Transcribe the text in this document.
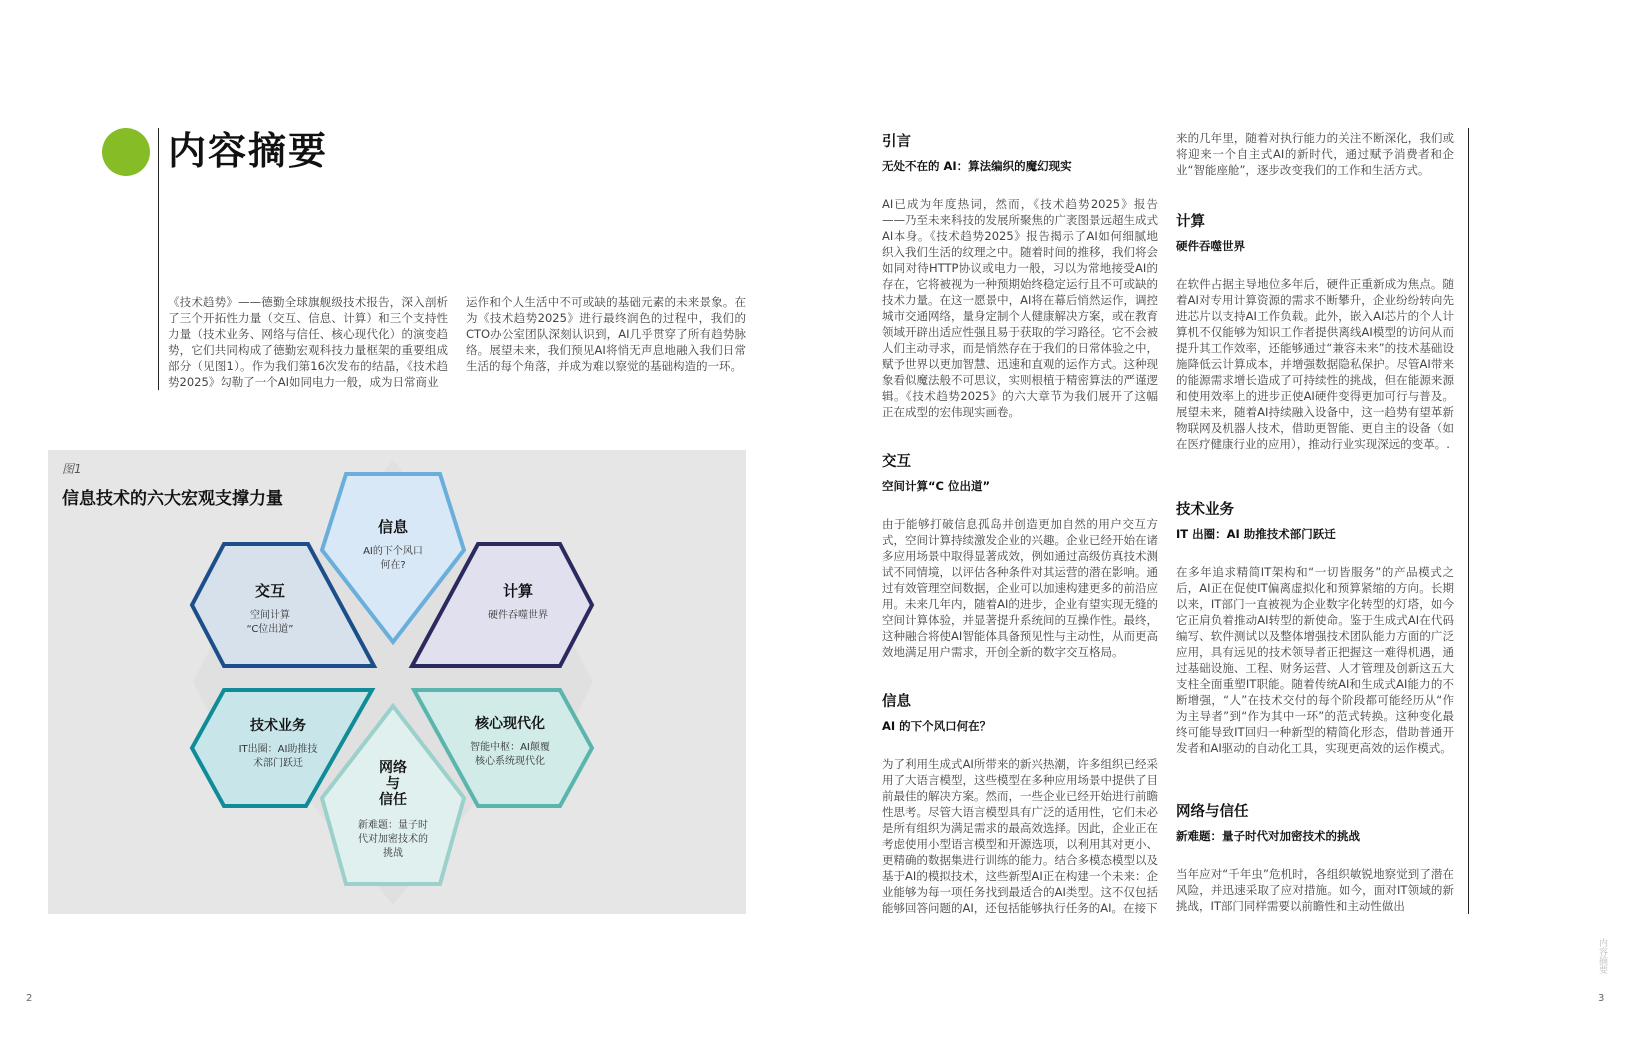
内容摘要
《技术趋势》——德勤全球旗舰级技术报告，深入剖析了三个开拓性力量（交互、信息、计算）和三个支持性力量（技术业务、网络与信任、核心现代化）的演变趋势，它们共同构成了德勤宏观科技力量框架的重要组成部分（见图1）。作为我们第16次发布的结晶，《技术趋势2025》勾勒了一个AI如同电力一般，成为日常商业
运作和个人生活中不可或缺的基础元素的未来景象。在为《技术趋势2025》进行最终润色的过程中，我们的CTO办公室团队深刻认识到，AI几乎贯穿了所有趋势脉络。展望未来，我们预见AI将悄无声息地融入我们日常生活的每个角落，并成为难以察觉的基础构造的一环。
图1
信息技术的六大宏观支撑力量
信息
AI的下个风口
何在?
交互
空间计算
“C位出道”
计算
硬件吞噬世界
技术业务
IT出圈：AI助推技
术部门跃迁
核心现代化
智能中枢：AI颠覆
核心系统现代化
网络
与
信任
新难题：量子时
代对加密技术的
挑战
2
引言
无处不在的 AI：算法编织的魔幻现实
AI已成为年度热词，然而，《技术趋势2025》报告——乃至未来科技的发展所聚焦的广袤图景远超生成式AI本身。《技术趋势2025》报告揭示了AI如何细腻地织入我们生活的纹理之中。随着时间的推移，我们将会如同对待HTTP协议或电力一般，习以为常地接受AI的存在，它将被视为一种预期始终稳定运行且不可或缺的技术力量。在这一愿景中，AI将在幕后悄然运作，调控城市交通网络，量身定制个人健康解决方案，或在教育领域开辟出适应性强且易于获取的学习路径。它不会被人们主动寻求，而是悄然存在于我们的日常体验之中，赋予世界以更加智慧、迅速和直观的运作方式。这种现象看似魔法般不可思议，实则根植于精密算法的严谨逻辑。《技术趋势2025》的六大章节为我们展开了这幅正在成型的宏伟现实画卷。
交互
空间计算“C 位出道”
由于能够打破信息孤岛并创造更加自然的用户交互方式，空间计算持续激发企业的兴趣。企业已经开始在诸多应用场景中取得显著成效，例如通过高级仿真技术测试不同情境，以评估各种条件对其运营的潜在影响。通过有效管理空间数据，企业可以加速构建更多的前沿应用。未来几年内，随着AI的进步，企业有望实现无缝的空间计算体验，并显著提升系统间的互操作性。最终，这种融合将使AI智能体具备预见性与主动性，从而更高效地满足用户需求，开创全新的数字交互格局。
信息
AI 的下个风口何在？
为了利用生成式AI所带来的新兴热潮，许多组织已经采用了大语言模型，这些模型在多种应用场景中提供了目前最佳的解决方案。然而，一些企业已经开始进行前瞻性思考。尽管大语言模型具有广泛的适用性，它们未必是所有组织为满足需求的最高效选择。因此，企业正在考虑使用小型语言模型和开源选项，以利用其对更小、更精确的数据集进行训练的能力。结合多模态模型以及基于AI的模拟技术，这些新型AI正在构建一个未来：企业能够为每一项任务找到最适合的AI类型。这不仅包括能够回答问题的AI，还包括能够执行任务的AI。在接下
来的几年里，随着对执行能力的关注不断深化，我们或将迎来一个自主式AI的新时代，通过赋予消费者和企业“智能座舱”，逐步改变我们的工作和生活方式。
计算
硬件吞噬世界
在软件占据主导地位多年后，硬件正重新成为焦点。随着AI对专用计算资源的需求不断攀升，企业纷纷转向先进芯片以支持AI工作负载。此外，嵌入AI芯片的个人计算机不仅能够为知识工作者提供离线AI模型的访问从而提升其工作效率，还能够通过“兼容未来”的技术基础设施降低云计算成本，并增强数据隐私保护。尽管AI带来的能源需求增长造成了可持续性的挑战，但在能源来源和使用效率上的进步正使AI硬件变得更加可行与普及。展望未来，随着AI持续融入设备中，这一趋势有望革新物联网及机器人技术，借助更智能、更自主的设备（如在医疗健康行业的应用），推动行业实现深远的变革。.
技术业务
IT 出圈：AI 助推技术部门跃迁
在多年追求精简IT架构和“一切皆服务”的产品模式之后，AI正在促使IT偏离虚拟化和预算紧缩的方向。长期以来，IT部门一直被视为企业数字化转型的灯塔，如今它正肩负着推动AI转型的新使命。鉴于生成式AI在代码编写、软件测试以及整体增强技术团队能力方面的广泛应用，具有远见的技术领导者正把握这一难得机遇，通过基础设施、工程、财务运营、人才管理及创新这五大支柱全面重塑IT职能。随着传统AI和生成式AI能力的不断增强，“人”在技术交付的每个阶段都可能经历从“作为主导者”到“作为其中一环”的范式转换。这种变化最终可能导致IT回归一种新型的精简化形态，借助普通开发者和AI驱动的自动化工具，实现更高效的运作模式。
网络与信任
新难题：量子时代对加密技术的挑战
当年应对“千年虫”危机时，各组织敏锐地察觉到了潜在风险，并迅速采取了应对措施。如今，面对IT领域的新挑战，IT部门同样需要以前瞻性和主动性做出
内容摘要
3
